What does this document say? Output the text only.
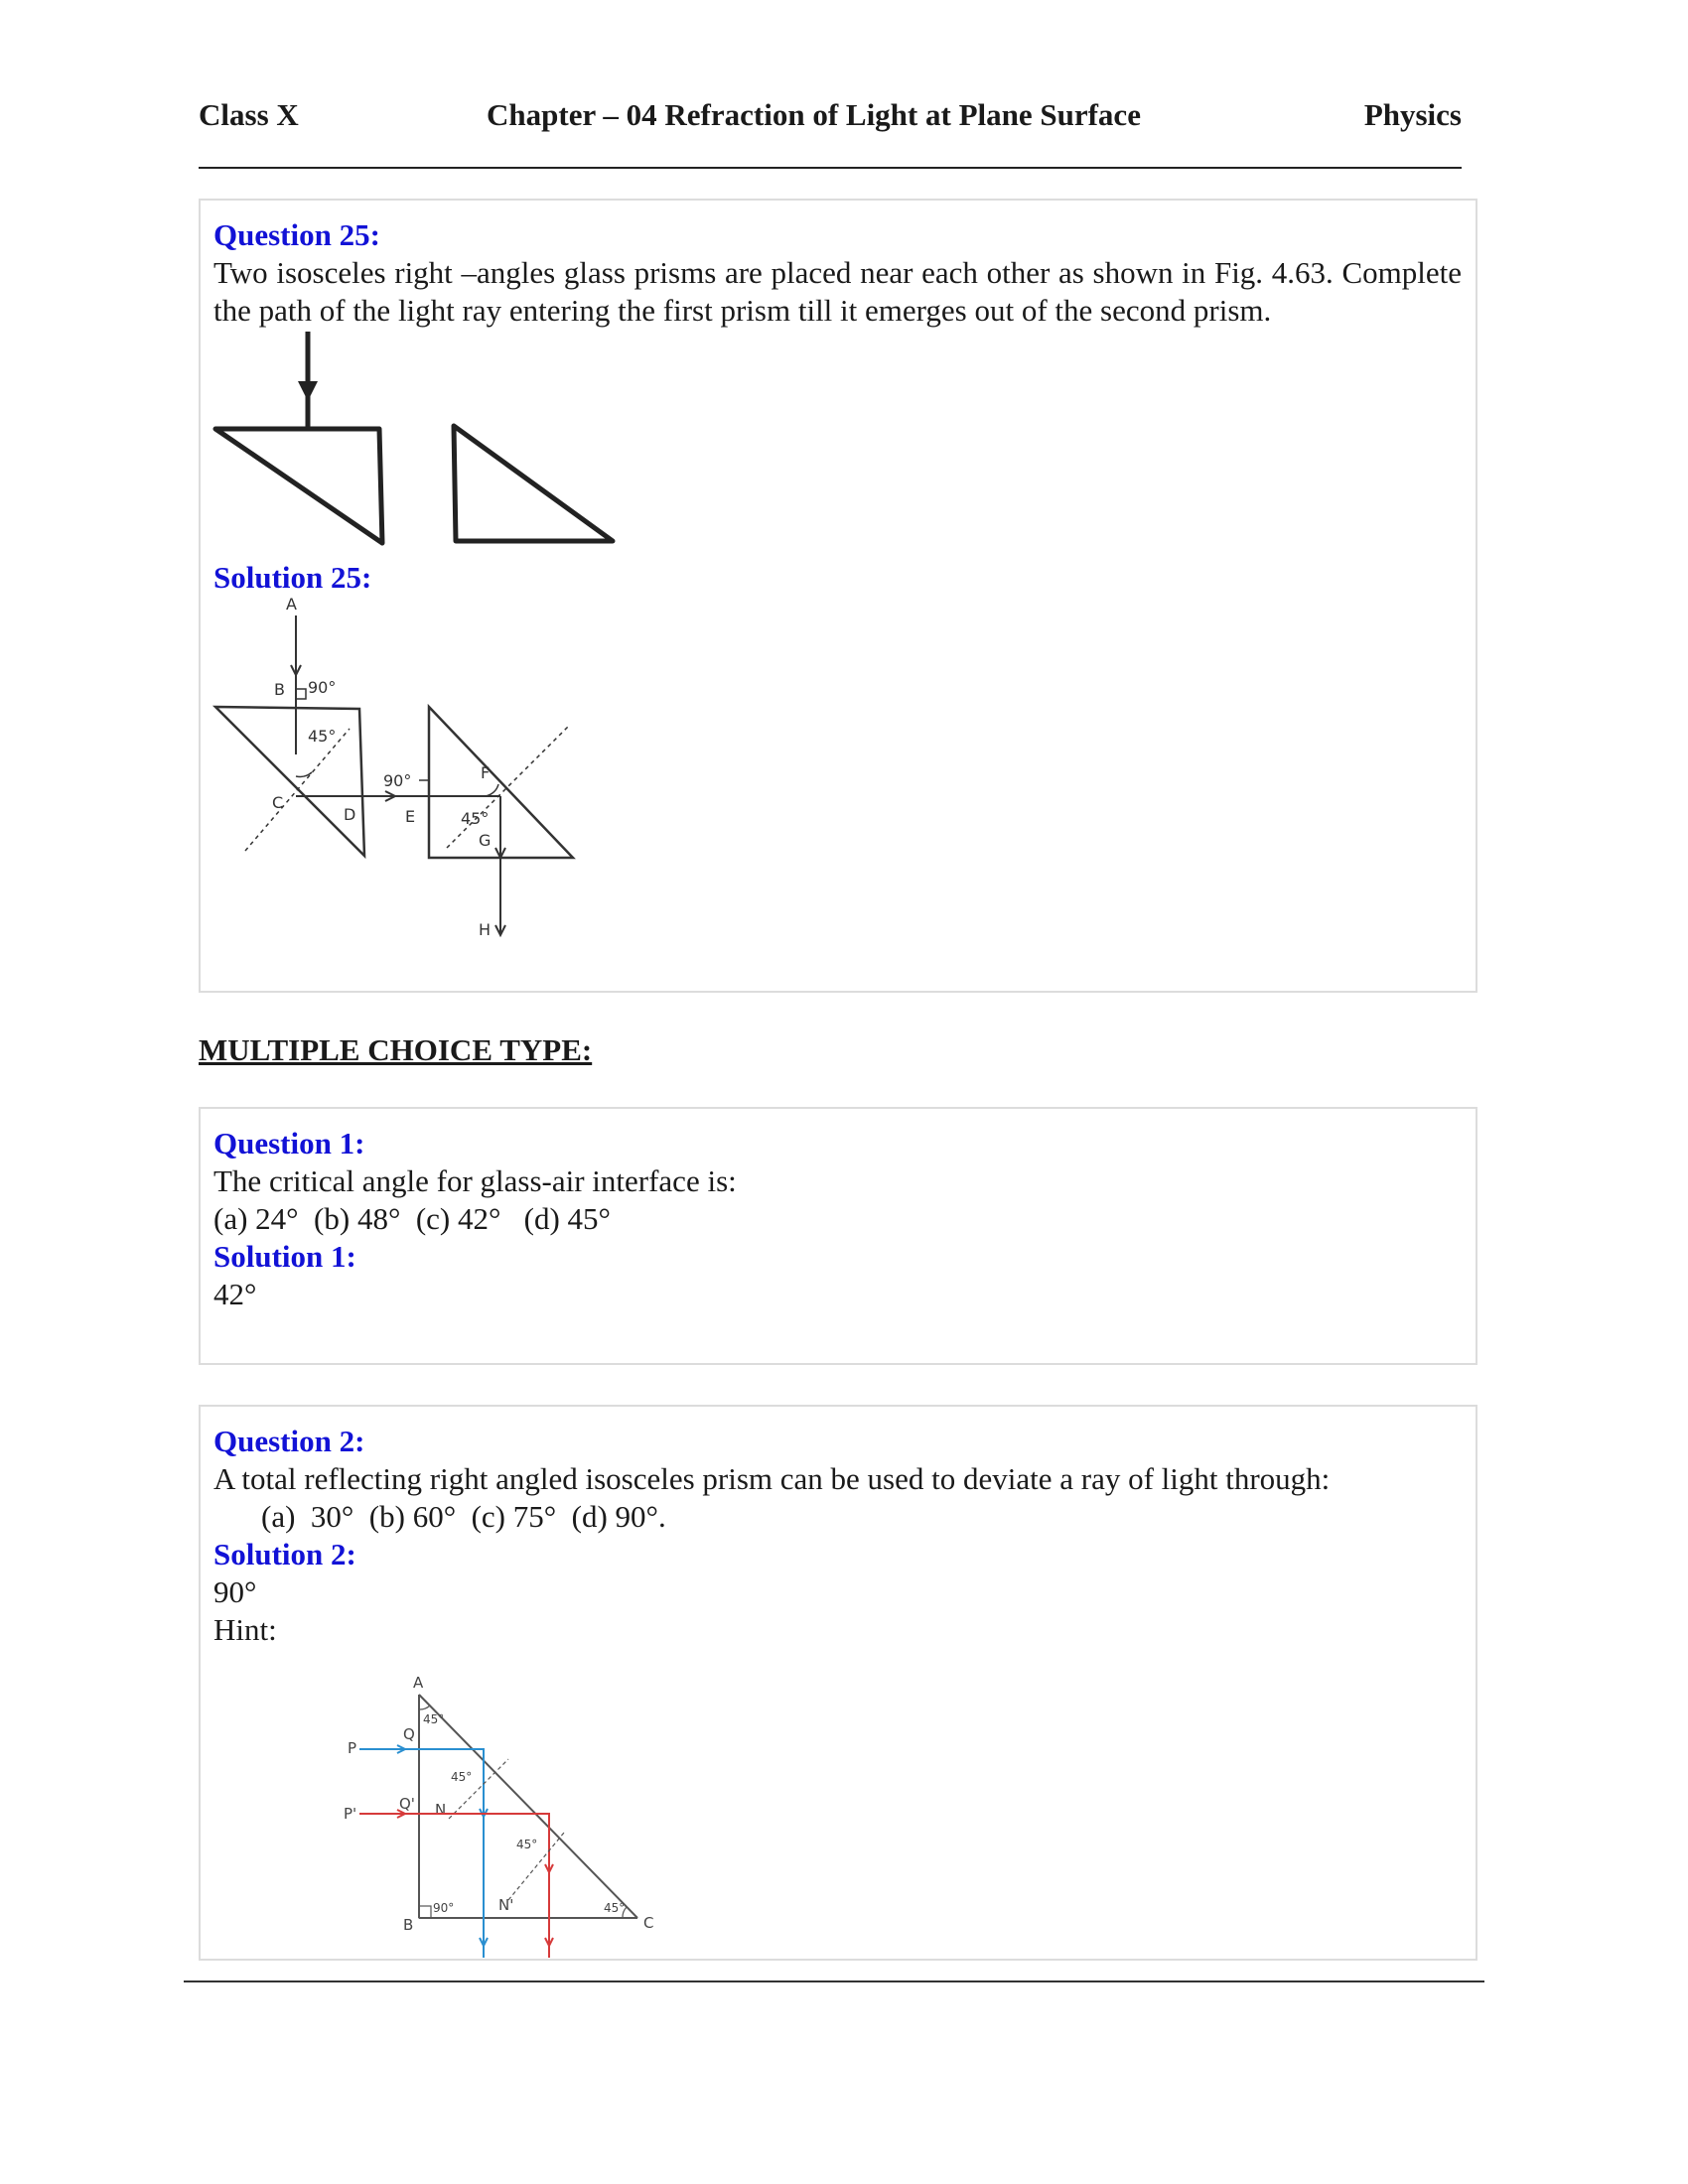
Class X	Chapter – 04 Refraction of Light at Plane Surface	Physics
Question 25:
Two isosceles right –angles glass prisms are placed near each other as shown in Fig. 4.63. Complete the path of the light ray entering the first prism till it emerges out of the second prism.
Solution 25:
A
B 90°
45°
C
D
90°
E
F
45°
G
H
MULTIPLE CHOICE TYPE:
Question 1:
The critical angle for glass-air interface is:
(a) 24°  (b) 48°  (c) 42°   (d) 45°
Solution 1:
42°
Question 2:
A total reflecting right angled isosceles prism can be used to deviate a ray of light through:
(a)  30°  (b) 60°  (c) 75°  (d) 90°.
Solution 2:
90°
Hint:
A
B	C
45°
90°	45°
P
Q
45°
N
P'
Q'
45°
N'
